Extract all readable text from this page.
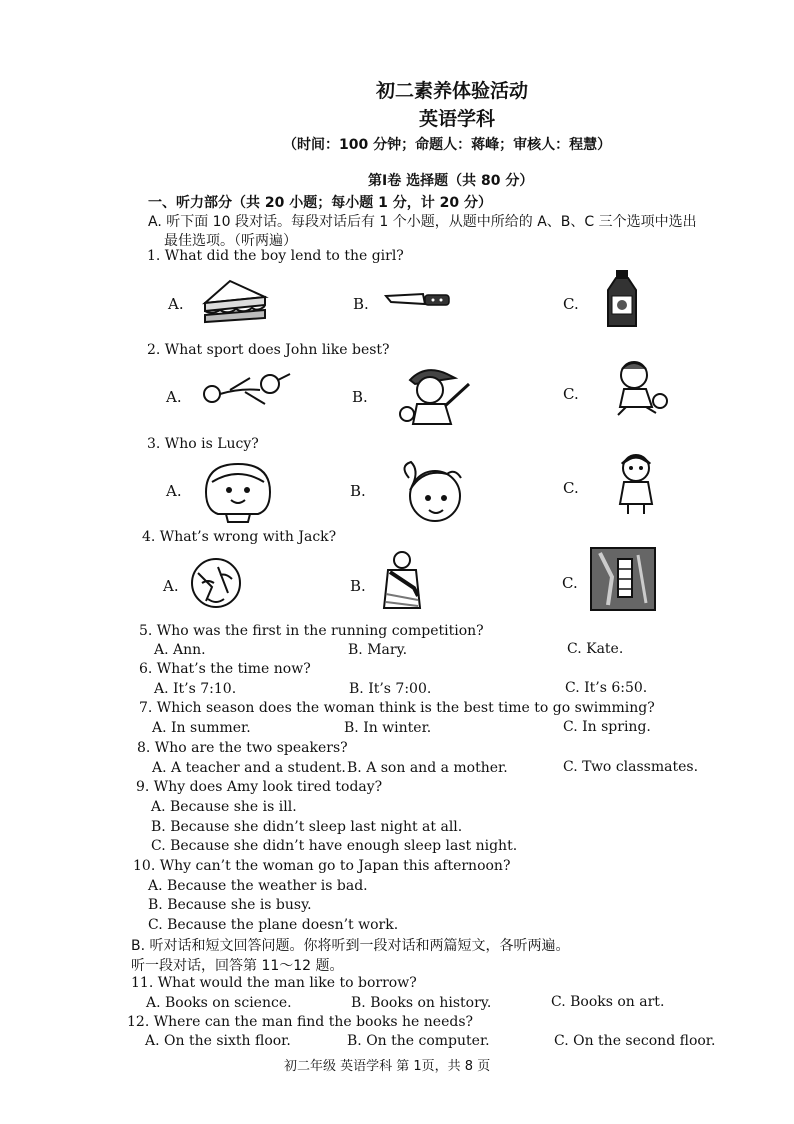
初二素养体验活动
英语学科
（时间：100 分钟；命题人：蒋峰；审核人：程慧）
第Ⅰ卷 选择题（共 80 分）
一、听力部分（共 20 小题；每小题 1 分，计 20 分）
A. 听下面 10 段对话。每段对话后有 1 个小题，从题中所给的 A、B、C 三个选项中选出
最佳选项。（听两遍）
1. What did the boy lend to the girl?
A.	B.	C.
2. What sport does John like best?
A.	B.	C.
3. Who is Lucy?
A.	B.	C.
4. What’s wrong with Jack?
A.	B.	C.
5. Who was the first in the running competition?
A. Ann.	B. Mary.	C. Kate.
6. What’s the time now?
A. It’s 7:10.	B. It’s 7:00.	C. It’s 6:50.
7. Which season does the woman think is the best time to go swimming?
A. In summer.	B. In winter.	C. In spring.
8. Who are the two speakers?
A. A teacher and a student. B. A son and a mother.	C. Two classmates.
9. Why does Amy look tired today?
A. Because she is ill.
B. Because she didn’t sleep last night at all.
C. Because she didn’t have enough sleep last night.
10. Why can’t the woman go to Japan this afternoon?
A. Because the weather is bad.
B. Because she is busy.
C. Because the plane doesn’t work.
B. 听对话和短文回答问题。你将听到一段对话和两篇短文，各听两遍。
听一段对话，回答第 11～12 题。
11. What would the man like to borrow?
A. Books on science.	B. Books on history.	C. Books on art.
12. Where can the man find the books he needs?
A. On the sixth floor.	B. On the computer.	C. On the second floor.
初二年级 英语学科 第 1页，共 8 页
